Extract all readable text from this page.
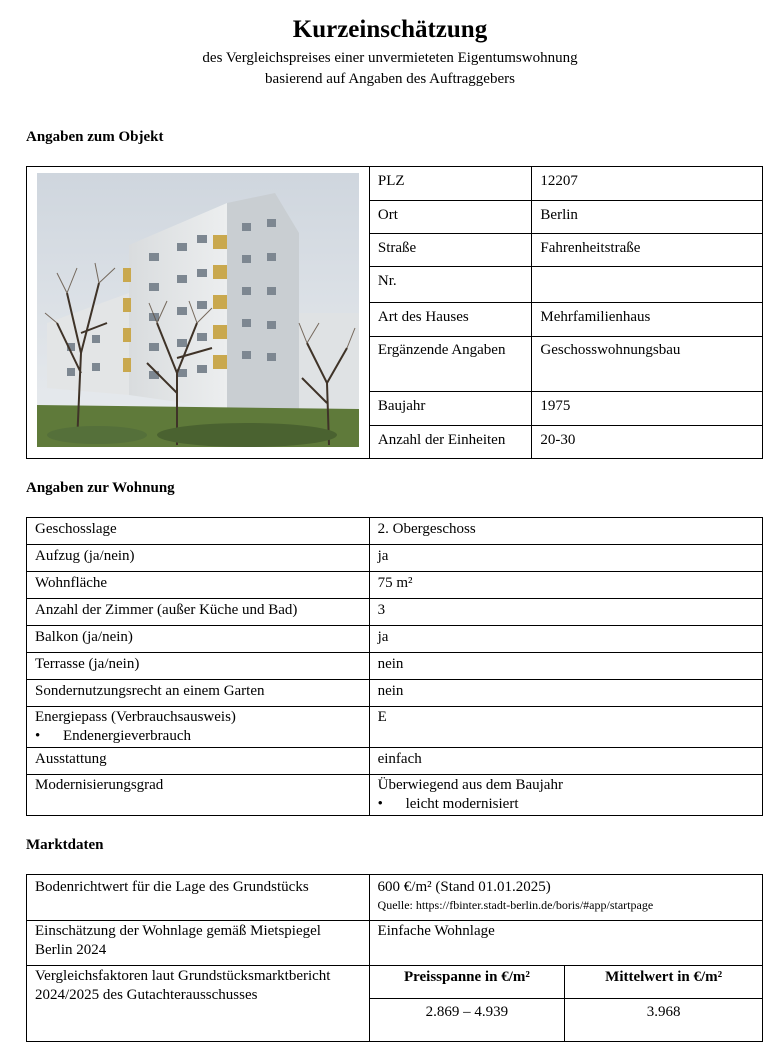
Kurzeinschätzung
des Vergleichspreises einer unvermieteten Eigentumswohnung
basierend auf Angaben des Auftraggebers
Angaben zum Objekt
	PLZ	12207
	Ort	Berlin
	Straße	Fahrenheitstraße
	Nr.	
	Art des Hauses	Mehrfamilienhaus
	Ergänzende Angaben	Geschosswohnungsbau
	Baujahr	1975
	Anzahl der Einheiten	20-30
Angaben zur Wohnung
Geschosslage	2. Obergeschoss
Aufzug (ja/nein)	ja
Wohnfläche	75 m²
Anzahl der Zimmer (außer Küche und Bad)	3
Balkon (ja/nein)	ja
Terrasse (ja/nein)	nein
Sondernutzungsrecht an einem Garten	nein

Energiepass (Verbrauchsausweis)
• Endenergieverbrauch	E
Ausstattung	einfach
Modernisierungsgrad	Überwiegend aus dem Baujahr
• leicht modernisiert
Marktdaten
Bodenrichtwert für die Lage des Grundstücks	600 €/m² (Stand 01.01.2025)
Quelle: https://fbinter.stadt-berlin.de/boris/#app/startpage	

Einschätzung der Wohnlage gemäß Mietspiegel Berlin 2024	Einfache Wohnlage	
Vergleichsfaktoren laut Grundstücksmarktbericht 2024/2025 des Gutachterausschusses	Preisspanne in €/m²	Mittelwert in €/m²
	2.869 – 4.939	3.968
